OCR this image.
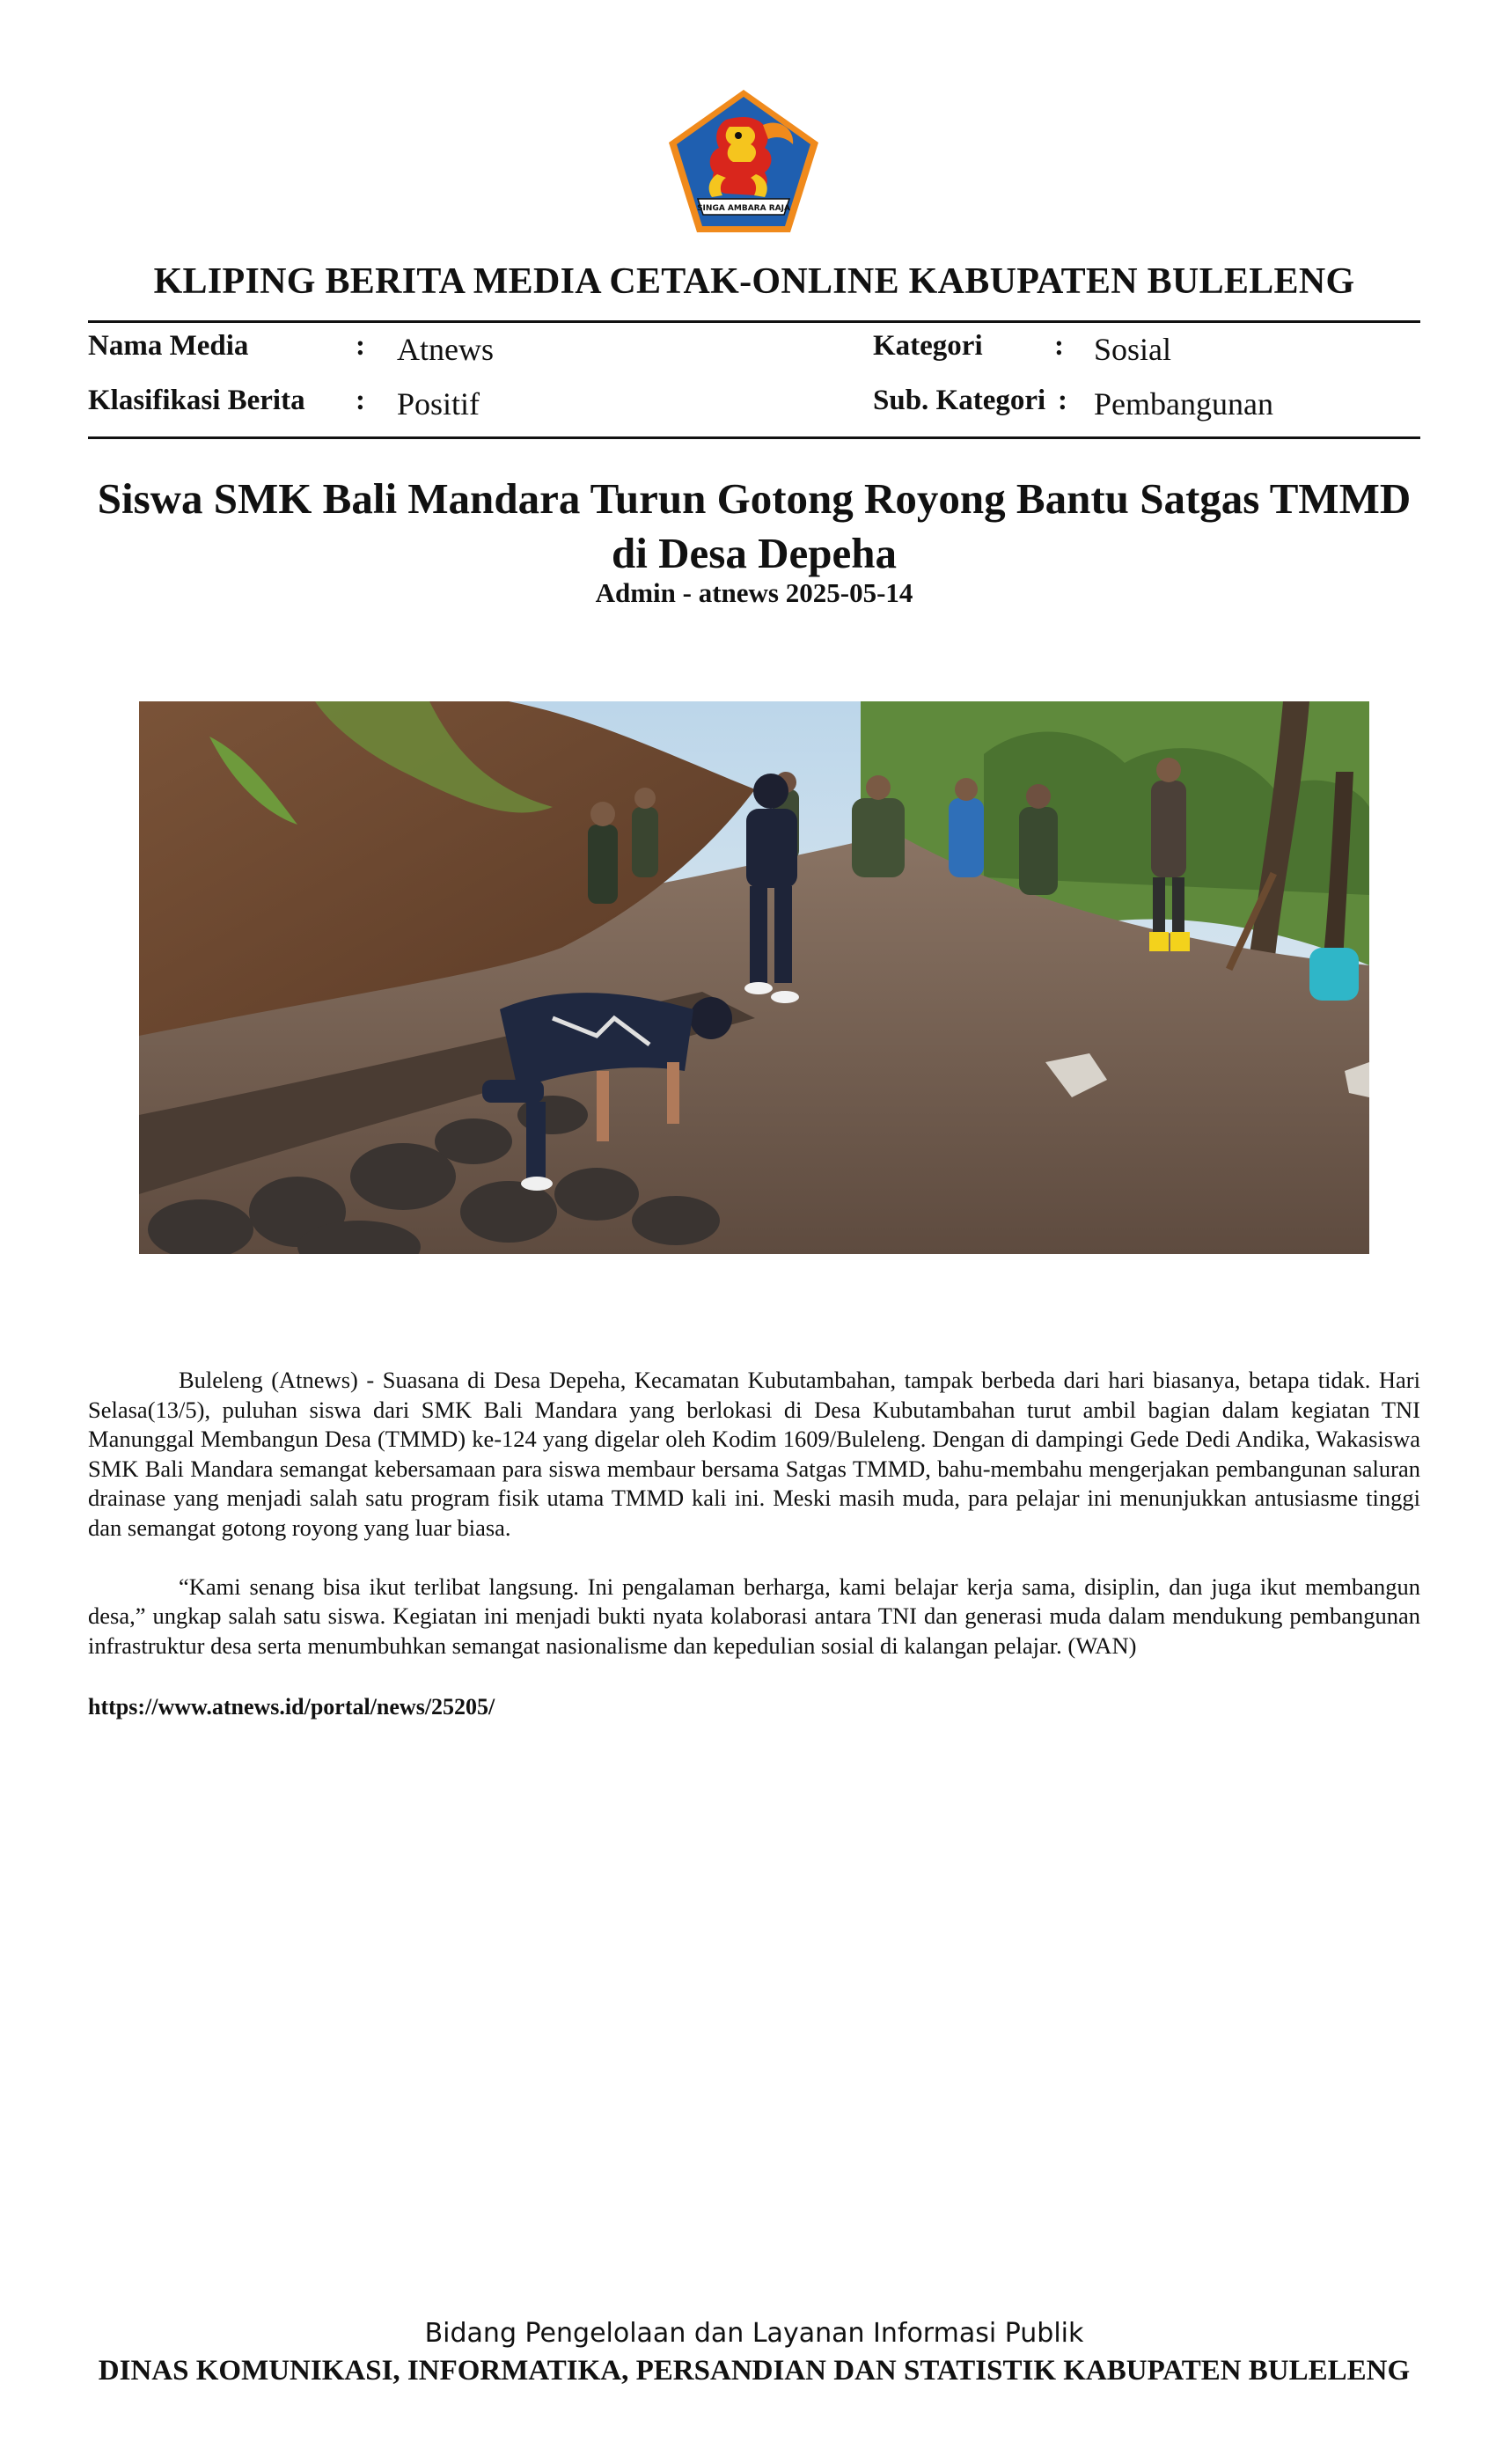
SINGA AMBARA RAJA
KLIPING BERITA MEDIA CETAK-ONLINE KABUPATEN BULELENG
Nama Media	: Atnews
Klasifikasi Berita : Positif
Kategori : Sosial
Sub. Kategori : Pembangunan
Siswa SMK Bali Mandara Turun Gotong Royong Bantu Satgas TMMD di Desa Depeha
Admin - atnews 2025-05-14

Buleleng (Atnews) - Suasana di Desa Depeha, Kecamatan Kubutambahan, tampak berbeda dari hari biasanya, betapa tidak. Hari Selasa(13/5), puluhan siswa dari SMK Bali Mandara yang berlokasi di Desa Kubutambahan turut ambil bagian dalam kegiatan TNI Manunggal Membangun Desa (TMMD) ke-124 yang digelar oleh Kodim 1609/Buleleng. Dengan di dampingi Gede Dedi Andika, Wakasiswa SMK Bali Mandara semangat kebersamaan para siswa membaur bersama Satgas TMMD, bahu-membahu mengerjakan pembangunan saluran drainase yang menjadi salah satu program fisik utama TMMD kali ini. Meski masih muda, para pelajar ini menunjukkan antusiasme tinggi dan semangat gotong royong yang luar biasa.

“Kami senang bisa ikut terlibat langsung. Ini pengalaman berharga, kami belajar kerja sama, disiplin, dan juga ikut membangun desa,” ungkap salah satu siswa. Kegiatan ini menjadi bukti nyata kolaborasi antara TNI dan generasi muda dalam mendukung pembangunan infrastruktur desa serta menumbuhkan semangat nasionalisme dan kepedulian sosial di kalangan pelajar. (WAN)

https://www.atnews.id/portal/news/25205/
Bidang Pengelolaan dan Layanan Informasi Publik
DINAS KOMUNIKASI, INFORMATIKA, PERSANDIAN DAN STATISTIK KABUPATEN BULELENG
